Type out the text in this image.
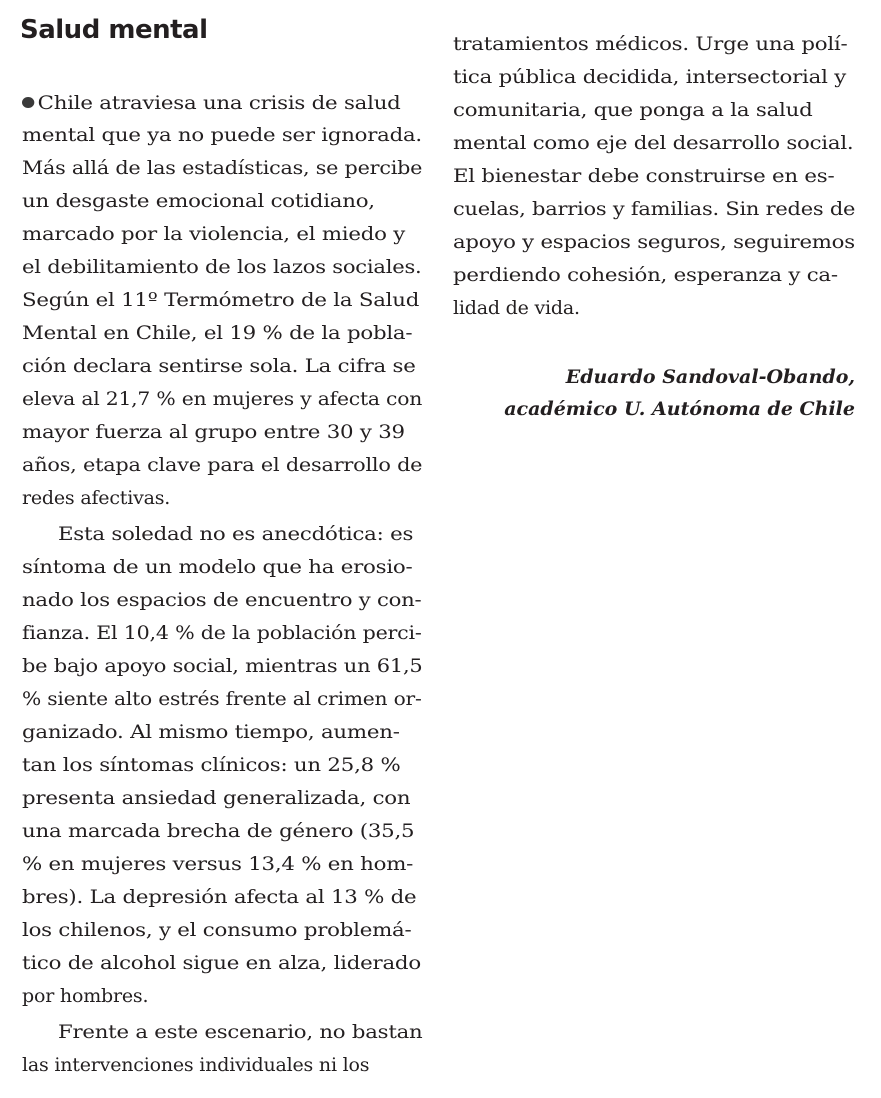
Salud mental
Chile atraviesa una crisis de salud
mental que ya no puede ser ignorada.
Más allá de las estadísticas, se percibe
un desgaste emocional cotidiano,
marcado por la violencia, el miedo y
el debilitamiento de los lazos sociales.
Según el 11º Termómetro de la Salud
Mental en Chile, el 19 % de la pobla-
ción declara sentirse sola. La cifra se
eleva al 21,7 % en mujeres y afecta con
mayor fuerza al grupo entre 30 y 39
años, etapa clave para el desarrollo de
redes afectivas.
Esta soledad no es anecdótica: es
síntoma de un modelo que ha erosio-
nado los espacios de encuentro y con-
fianza. El 10,4 % de la población perci-
be bajo apoyo social, mientras un 61,5
% siente alto estrés frente al crimen or-
ganizado. Al mismo tiempo, aumen-
tan los síntomas clínicos: un 25,8 %
presenta ansiedad generalizada, con
una marcada brecha de género (35,5
% en mujeres versus 13,4 % en hom-
bres). La depresión afecta al 13 % de
los chilenos, y el consumo problemá-
tico de alcohol sigue en alza, liderado
por hombres.
Frente a este escenario, no bastan
las intervenciones individuales ni los
tratamientos médicos. Urge una polí-
tica pública decidida, intersectorial y
comunitaria, que ponga a la salud
mental como eje del desarrollo social.
El bienestar debe construirse en es-
cuelas, barrios y familias. Sin redes de
apoyo y espacios seguros, seguiremos
perdiendo cohesión, esperanza y ca-
lidad de vida.
Eduardo Sandoval-Obando,
académico U. Autónoma de Chile
